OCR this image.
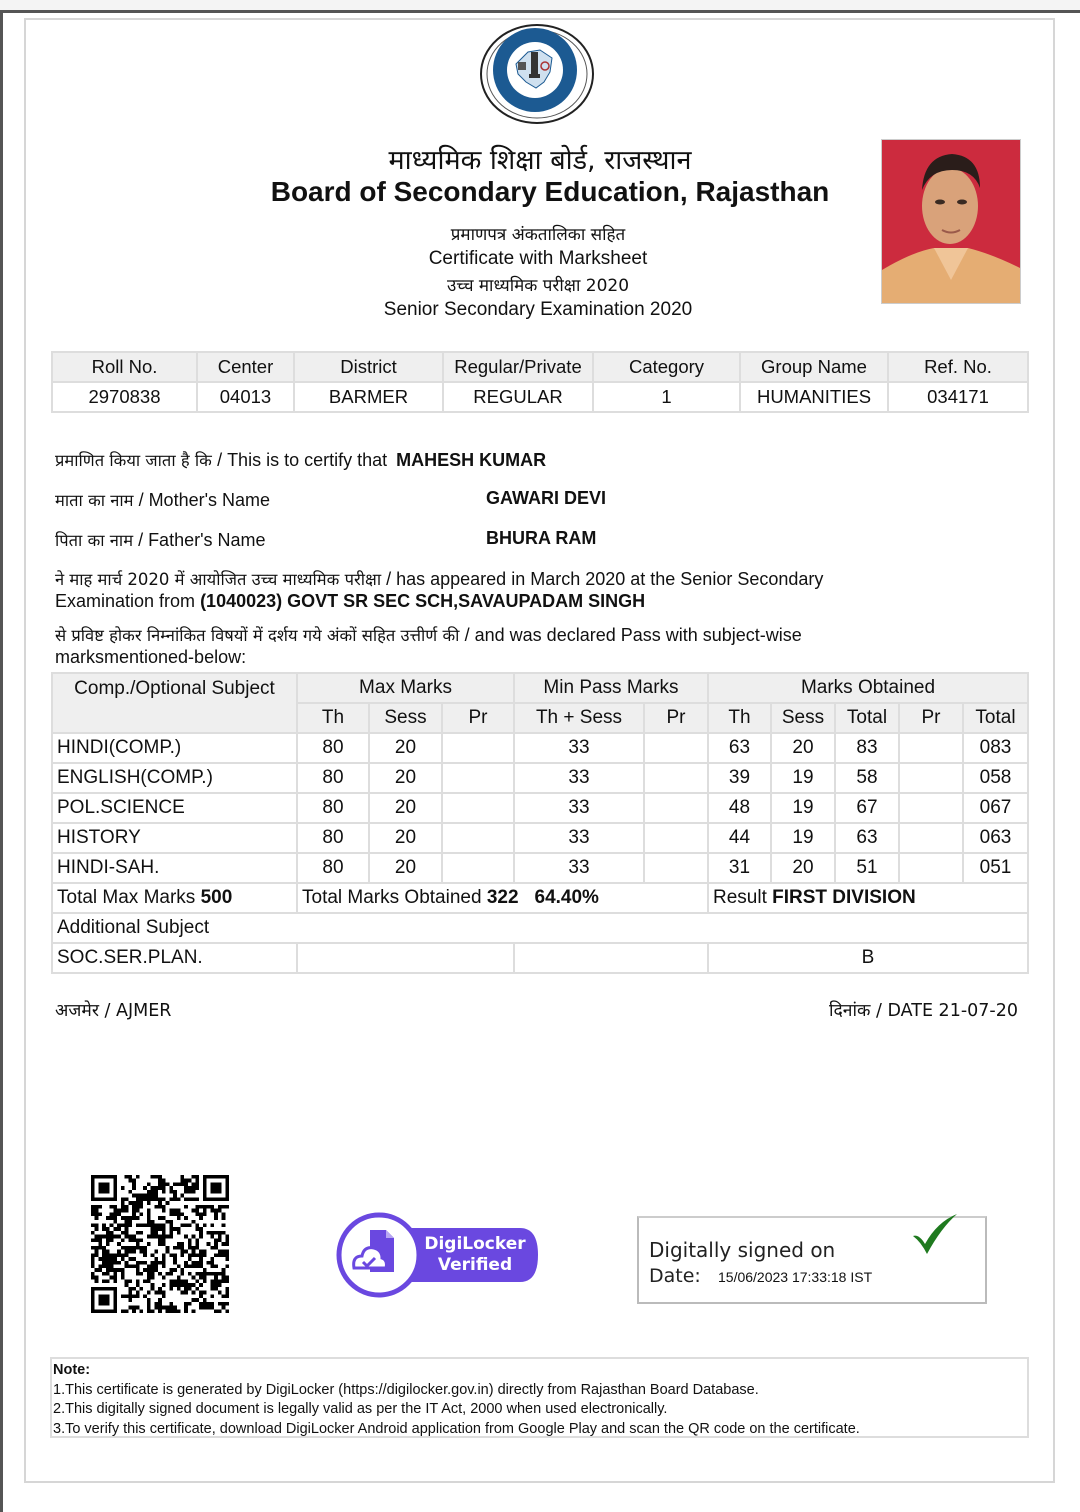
माध्यमिक शिक्षा बोर्ड, राजस्थान
Board of Secondary Education, Rajasthan
प्रमाणपत्र अंकतालिका सहित
Certificate with Marksheet
उच्च माध्यमिक परीक्षा 2020
Senior Secondary Examination 2020
Roll No.	Center	District	Regular/Private	Category	Group Name	Ref. No.
2970838	04013	BARMER	REGULAR	1	HUMANITIES	034171
प्रमाणित किया जाता है कि / This is to certify that MAHESH KUMAR
माता का नाम / Mother's Name	GAWARI DEVI
पिता का नाम / Father's Name	BHURA RAM
ने माह मार्च 2020 में आयोजित उच्च माध्यमिक परीक्षा / has appeared in March 2020 at the Senior Secondary
Examination from (1040023) GOVT SR SEC SCH,SAVAUPADAM SINGH
से प्रविष्ट होकर निम्नांकित विषयों में दर्शय गये अंकों सहित उत्तीर्ण की / and was declared Pass with subject-wise
marksmentioned-below:
Comp./Optional Subject	Max Marks			Min Pass Marks		Marks Obtained				
	Th	Sess	Pr	Th + Sess	Pr	Th	Sess	Total	Pr	Total
HINDI(COMP.)	80	20		33		63	20	83		083
ENGLISH(COMP.)	80	20		33		39	19	58		058
POL.SCIENCE	80	20		33		48	19	67		067
HISTORY	80	20		33		44	19	63		063
HINDI-SAH.	80	20		33		31	20	51		051
Total Max Marks 500	Total Marks Obtained 322 64.40%					Result FIRST DIVISION				
Additional Subject										
SOC.SER.PLAN.						B				
अजमेर / AJMER	दिनांक / DATE 21-07-20
DigiLocker
Verified
Digitally signed on
Date: 15/06/2023 17:33:18 IST
Note:
1.This certificate is generated by DigiLocker (https://digilocker.gov.in) directly from Rajasthan Board Database.
2.This digitally signed document is legally valid as per the IT Act, 2000 when used electronically.
3.To verify this certificate, download DigiLocker Android application from Google Play and scan the QR code on the certificate.
